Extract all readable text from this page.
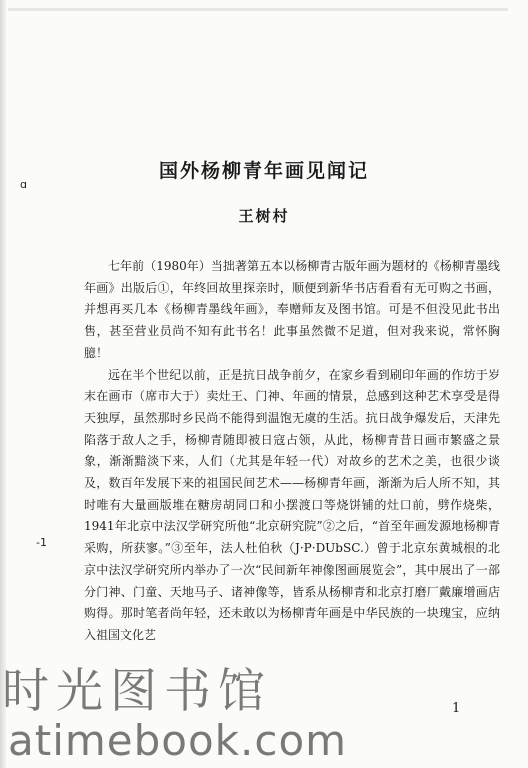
ɑ
-1
国外杨柳青年画见闻记
王树村

七年前（1980年）当拙著第五本以杨柳青古版年画为题材的《杨柳青墨线年画》出版后①，年终回故里探亲时，顺便到新华书店看看有无可购之书画，并想再买几本《杨柳青墨线年画》，奉赠师友及图书馆。可是不但没见此书出售，甚至营业员尚不知有此书名！此事虽然微不足道，但对我来说，常怀胸臆！

远在半个世纪以前，正是抗日战争前夕，在家乡看到刷印年画的作坊于岁末在画市（席市大于）卖灶王、门神、年画的情景，总感到这种艺术享受是得天独厚，虽然那时乡民尚不能得到温饱无虞的生活。抗日战争爆发后，天津先陷落于敌人之手，杨柳青随即被日寇占领，从此，杨柳青昔日画市繁盛之景象，渐渐黯淡下来，人们（尤其是年轻一代）对故乡的艺术之美，也很少谈及，数百年发展下来的祖国民间艺术——杨柳青年画，渐渐为后人所不知，其时唯有大量画版堆在糖房胡同口和小摆渡口等烧饼铺的灶口前，劈作烧柴，1941年北京中法汉学研究所他“北京研究院”②之后，“首至年画发源地杨柳青采购，所获寥。”③至年，法人杜伯秋（J·P·DUbSC.）曾于北京东黄城根的北京中法汉学研究所内举办了一次“民间新年神像图画展览会”，其中展出了一部分门神、门童、天地马子、诸神像等，皆系从杨柳青和北京打磨厂戴廉增画店购得。那时笔者尚年轻，还未敢以为杨柳青年画是中华民族的一块瑰宝，应纳入祖国文化艺

1
时光图书馆
atimebook.com
